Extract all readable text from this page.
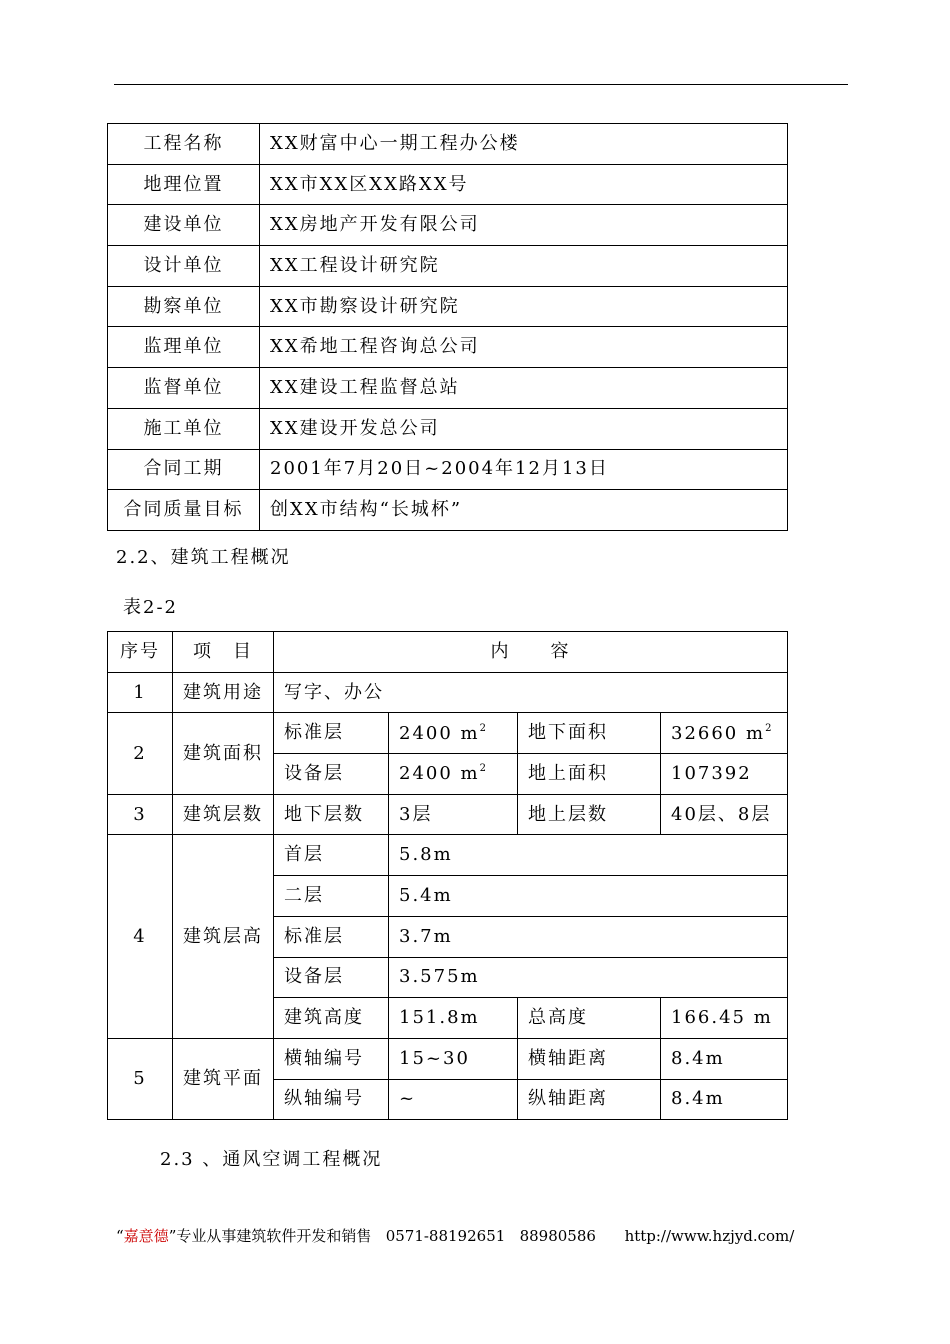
工程名称	XX财富中心一期工程办公楼
地理位置	XX市XX区XX路XX号
建设单位	XX房地产开发有限公司
设计单位	XX工程设计研究院
勘察单位	XX市勘察设计研究院
监理单位	XX希地工程咨询总公司
监督单位	XX建设工程监督总站
施工单位	XX建设开发总公司
合同工期	2001年7月20日~2004年12月13日
合同质量目标	创XX市结构“长城杯”
2.2、建筑工程概况
表2-2
序号	项　目	内　　容			
1	建筑用途	写字、办公			
2	建筑面积	标准层	2400 $m^2$	地下面积	32660 $m^2$
		设备层	2400 $m^2$	地上面积	107392
3	建筑层数	地下层数	3层	地上层数	40层、8层
4	建筑层高	首层	5.8m		
		二层	5.4m		
		标准层	3.7m		
		设备层	3.575m		
		建筑高度	151.8m	总高度	166.45 m
5	建筑平面	横轴编号	15~30	横轴距离	8.4m
		纵轴编号	~	纵轴距离	8.4m
2.3 、通风空调工程概况
“嘉意德”专业从事建筑软件开发和销售 0571-88192651 88980586 http://www.hzjyd.com/
